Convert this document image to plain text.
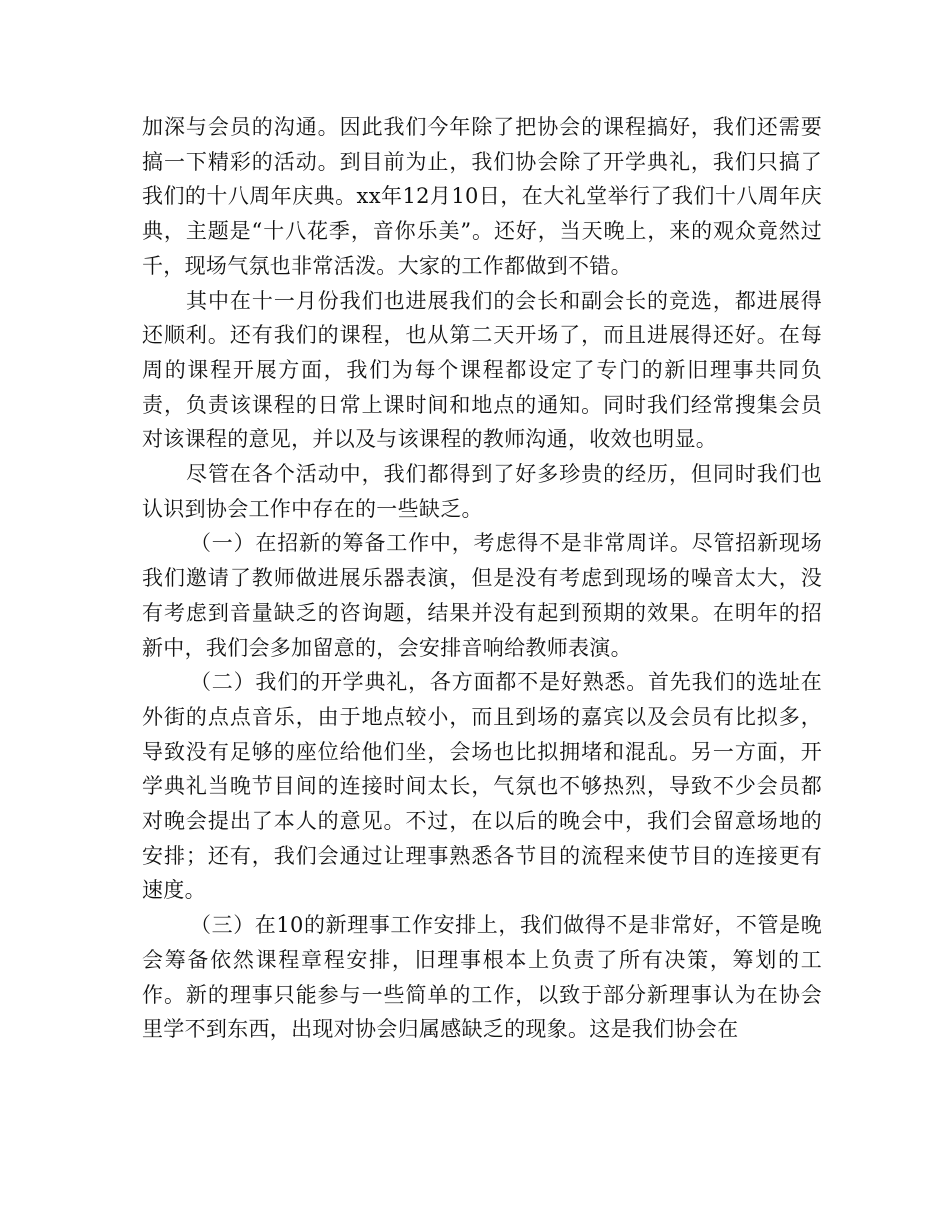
加深与会员的沟通。因此我们今年除了把协会的课程搞好，我们还需要搞一下精彩的活动。到目前为止，我们协会除了开学典礼，我们只搞了我们的十八周年庆典。xx年12月10日，在大礼堂举行了我们十八周年庆典，主题是“十八花季，音你乐美”。还好，当天晚上，来的观众竟然过千，现场气氛也非常活泼。大家的工作都做到不错。

其中在十一月份我们也进展我们的会长和副会长的竞选，都进展得还顺利。还有我们的课程，也从第二天开场了，而且进展得还好。在每周的课程开展方面，我们为每个课程都设定了专门的新旧理事共同负责，负责该课程的日常上课时间和地点的通知。同时我们经常搜集会员对该课程的意见，并以及与该课程的教师沟通，收效也明显。

尽管在各个活动中，我们都得到了好多珍贵的经历，但同时我们也认识到协会工作中存在的一些缺乏。

（一）在招新的筹备工作中，考虑得不是非常周详。尽管招新现场我们邀请了教师做进展乐器表演，但是没有考虑到现场的噪音太大，没有考虑到音量缺乏的咨询题，结果并没有起到预期的效果。在明年的招新中，我们会多加留意的，会安排音响给教师表演。

（二）我们的开学典礼，各方面都不是好熟悉。首先我们的选址在外街的点点音乐，由于地点较小，而且到场的嘉宾以及会员有比拟多，导致没有足够的座位给他们坐，会场也比拟拥堵和混乱。另一方面，开学典礼当晚节目间的连接时间太长，气氛也不够热烈，导致不少会员都对晚会提出了本人的意见。不过，在以后的晚会中，我们会留意场地的安排；还有，我们会通过让理事熟悉各节目的流程来使节目的连接更有速度。

（三）在10的新理事工作安排上，我们做得不是非常好，不管是晚会筹备依然课程章程安排，旧理事根本上负责了所有决策，筹划的工作。新的理事只能参与一些简单的工作，以致于部分新理事认为在协会里学不到东西，出现对协会归属感缺乏的现象。这是我们协会在
